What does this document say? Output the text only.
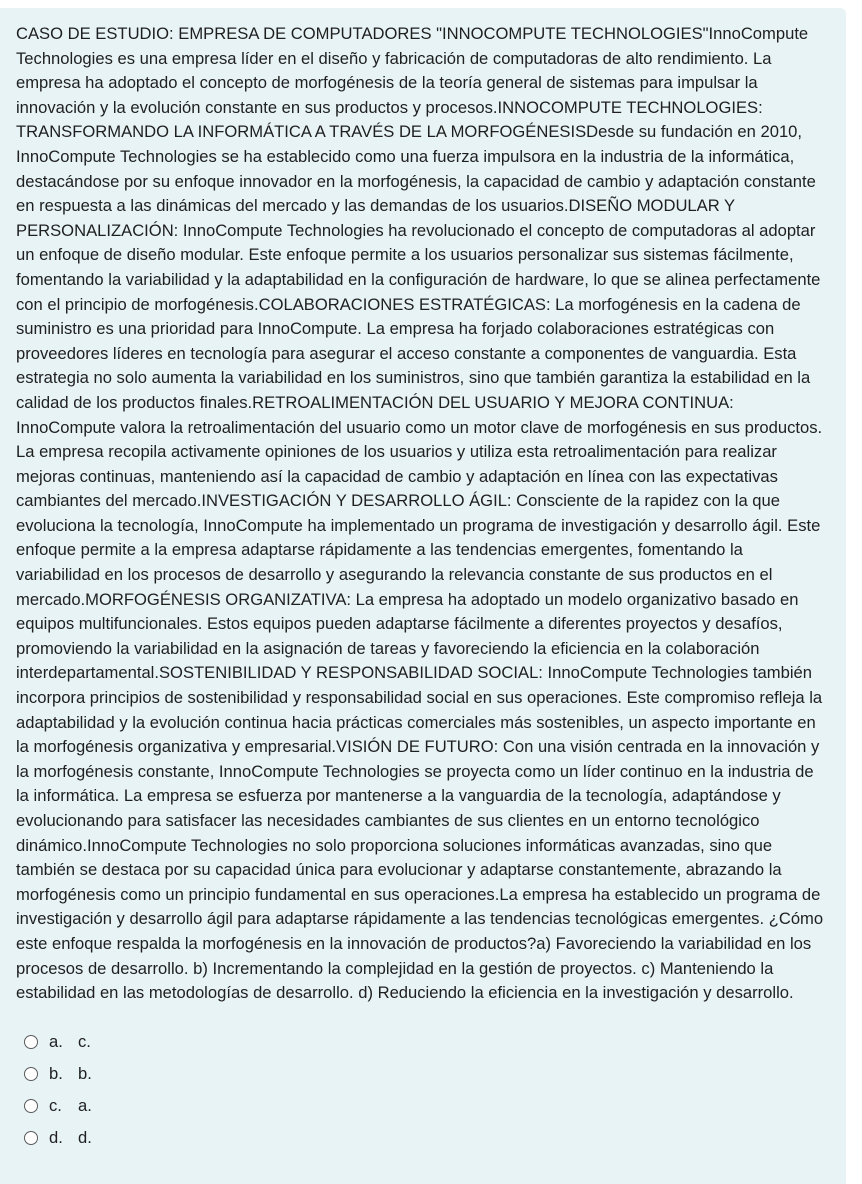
CASO DE ESTUDIO: EMPRESA DE COMPUTADORES "INNOCOMPUTE TECHNOLOGIES"InnoCompute Technologies es una empresa líder en el diseño y fabricación de computadoras de alto rendimiento. La empresa ha adoptado el concepto de morfogénesis de la teoría general de sistemas para impulsar la innovación y la evolución constante en sus productos y procesos.INNOCOMPUTE TECHNOLOGIES: TRANSFORMANDO LA INFORMÁTICA A TRAVÉS DE LA MORFOGÉNESISDesde su fundación en 2010, InnoCompute Technologies se ha establecido como una fuerza impulsora en la industria de la informática, destacándose por su enfoque innovador en la morfogénesis, la capacidad de cambio y adaptación constante en respuesta a las dinámicas del mercado y las demandas de los usuarios.DISEÑO MODULAR Y PERSONALIZACIÓN: InnoCompute Technologies ha revolucionado el concepto de computadoras al adoptar un enfoque de diseño modular. Este enfoque permite a los usuarios personalizar sus sistemas fácilmente, fomentando la variabilidad y la adaptabilidad en la configuración de hardware, lo que se alinea perfectamente con el principio de morfogénesis.COLABORACIONES ESTRATÉGICAS: La morfogénesis en la cadena de suministro es una prioridad para InnoCompute. La empresa ha forjado colaboraciones estratégicas con proveedores líderes en tecnología para asegurar el acceso constante a componentes de vanguardia. Esta estrategia no solo aumenta la variabilidad en los suministros, sino que también garantiza la estabilidad en la calidad de los productos finales.RETROALIMENTACIÓN DEL USUARIO Y MEJORA CONTINUA: InnoCompute valora la retroalimentación del usuario como un motor clave de morfogénesis en sus productos. La empresa recopila activamente opiniones de los usuarios y utiliza esta retroalimentación para realizar mejoras continuas, manteniendo así la capacidad de cambio y adaptación en línea con las expectativas cambiantes del mercado.INVESTIGACIÓN Y DESARROLLO ÁGIL: Consciente de la rapidez con la que evoluciona la tecnología, InnoCompute ha implementado un programa de investigación y desarrollo ágil. Este enfoque permite a la empresa adaptarse rápidamente a las tendencias emergentes, fomentando la variabilidad en los procesos de desarrollo y asegurando la relevancia constante de sus productos en el mercado.MORFOGÉNESIS ORGANIZATIVA: La empresa ha adoptado un modelo organizativo basado en equipos multifuncionales. Estos equipos pueden adaptarse fácilmente a diferentes proyectos y desafíos, promoviendo la variabilidad en la asignación de tareas y favoreciendo la eficiencia en la colaboración interdepartamental.SOSTENIBILIDAD Y RESPONSABILIDAD SOCIAL: InnoCompute Technologies también incorpora principios de sostenibilidad y responsabilidad social en sus operaciones. Este compromiso refleja la adaptabilidad y la evolución continua hacia prácticas comerciales más sostenibles, un aspecto importante en la morfogénesis organizativa y empresarial.VISIÓN DE FUTURO: Con una visión centrada en la innovación y la morfogénesis constante, InnoCompute Technologies se proyecta como un líder continuo en la industria de la informática. La empresa se esfuerza por mantenerse a la vanguardia de la tecnología, adaptándose y evolucionando para satisfacer las necesidades cambiantes de sus clientes en un entorno tecnológico dinámico.InnoCompute Technologies no solo proporciona soluciones informáticas avanzadas, sino que también se destaca por su capacidad única para evolucionar y adaptarse constantemente, abrazando la morfogénesis como un principio fundamental en sus operaciones.La empresa ha establecido un programa de investigación y desarrollo ágil para adaptarse rápidamente a las tendencias tecnológicas emergentes. ¿Cómo este enfoque respalda la morfogénesis en la innovación de productos?a) Favoreciendo la variabilidad en los procesos de desarrollo. b) Incrementando la complejidad en la gestión de proyectos. c) Manteniendo la estabilidad en las metodologías de desarrollo. d) Reduciendo la eficiencia en la investigación y desarrollo.

a. c.
b. b.
c. a.
d. d.
